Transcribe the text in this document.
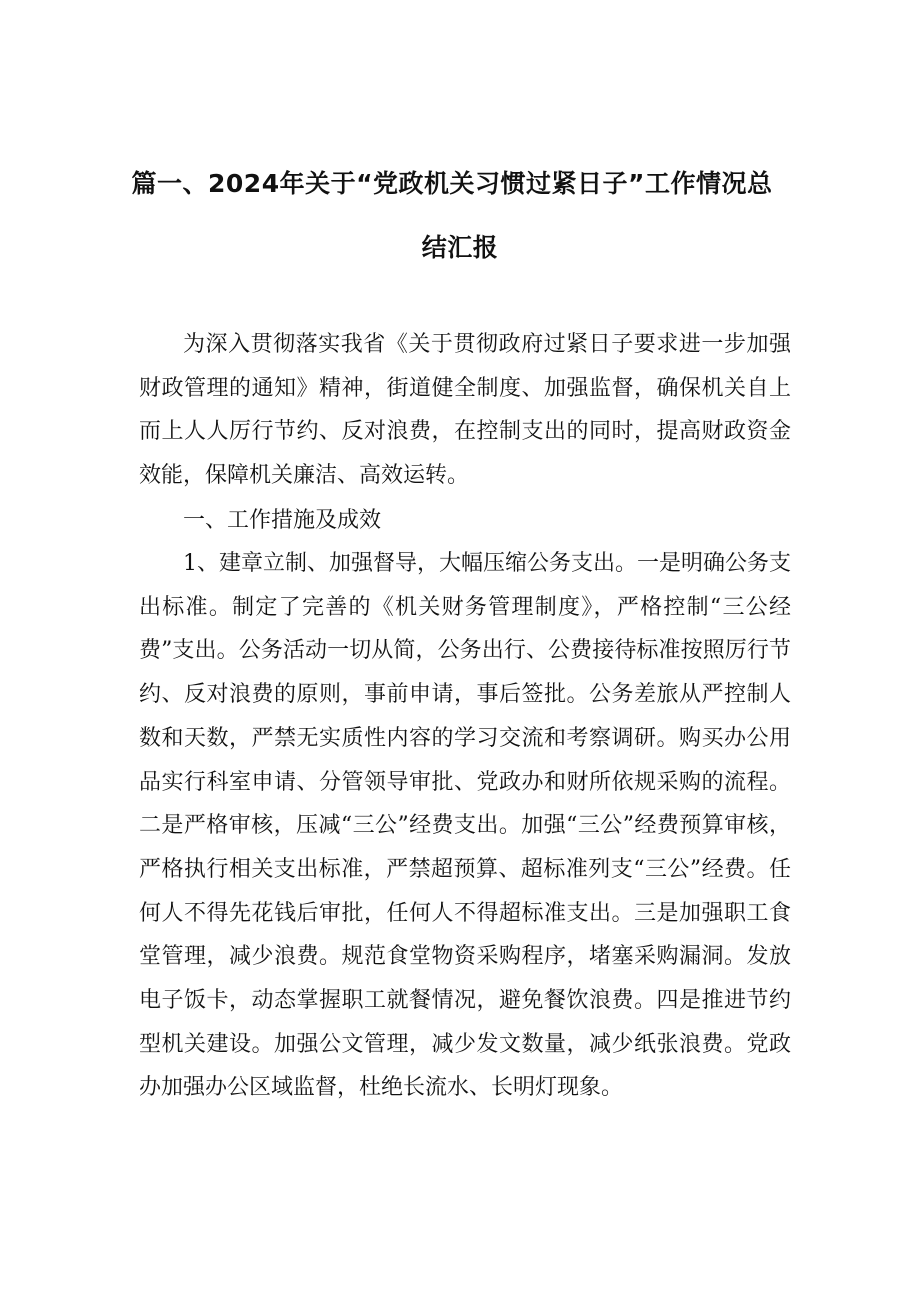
篇一、2024年关于“党政机关习惯过紧日子”工作情况总
结汇报

为深入贯彻落实我省《关于贯彻政府过紧日子要求进一步加强财政管理的通知》精神，街道健全制度、加强监督，确保机关自上而上人人厉行节约、反对浪费，在控制支出的同时，提高财政资金效能，保障机关廉洁、高效运转。

一、工作措施及成效

1、建章立制、加强督导，大幅压缩公务支出。一是明确公务支出标准。制定了完善的《机关财务管理制度》，严格控制“三公经费”支出。公务活动一切从简，公务出行、公费接待标准按照厉行节约、反对浪费的原则，事前申请，事后签批。公务差旅从严控制人数和天数，严禁无实质性内容的学习交流和考察调研。购买办公用品实行科室申请、分管领导审批、党政办和财所依规采购的流程。二是严格审核，压减“三公”经费支出。加强“三公”经费预算审核，严格执行相关支出标准，严禁超预算、超标准列支“三公”经费。任何人不得先花钱后审批，任何人不得超标准支出。三是加强职工食堂管理，减少浪费。规范食堂物资采购程序，堵塞采购漏洞。发放电子饭卡，动态掌握职工就餐情况，避免餐饮浪费。四是推进节约型机关建设。加强公文管理，减少发文数量，减少纸张浪费。党政办加强办公区域监督，杜绝长流水、长明灯现象。
